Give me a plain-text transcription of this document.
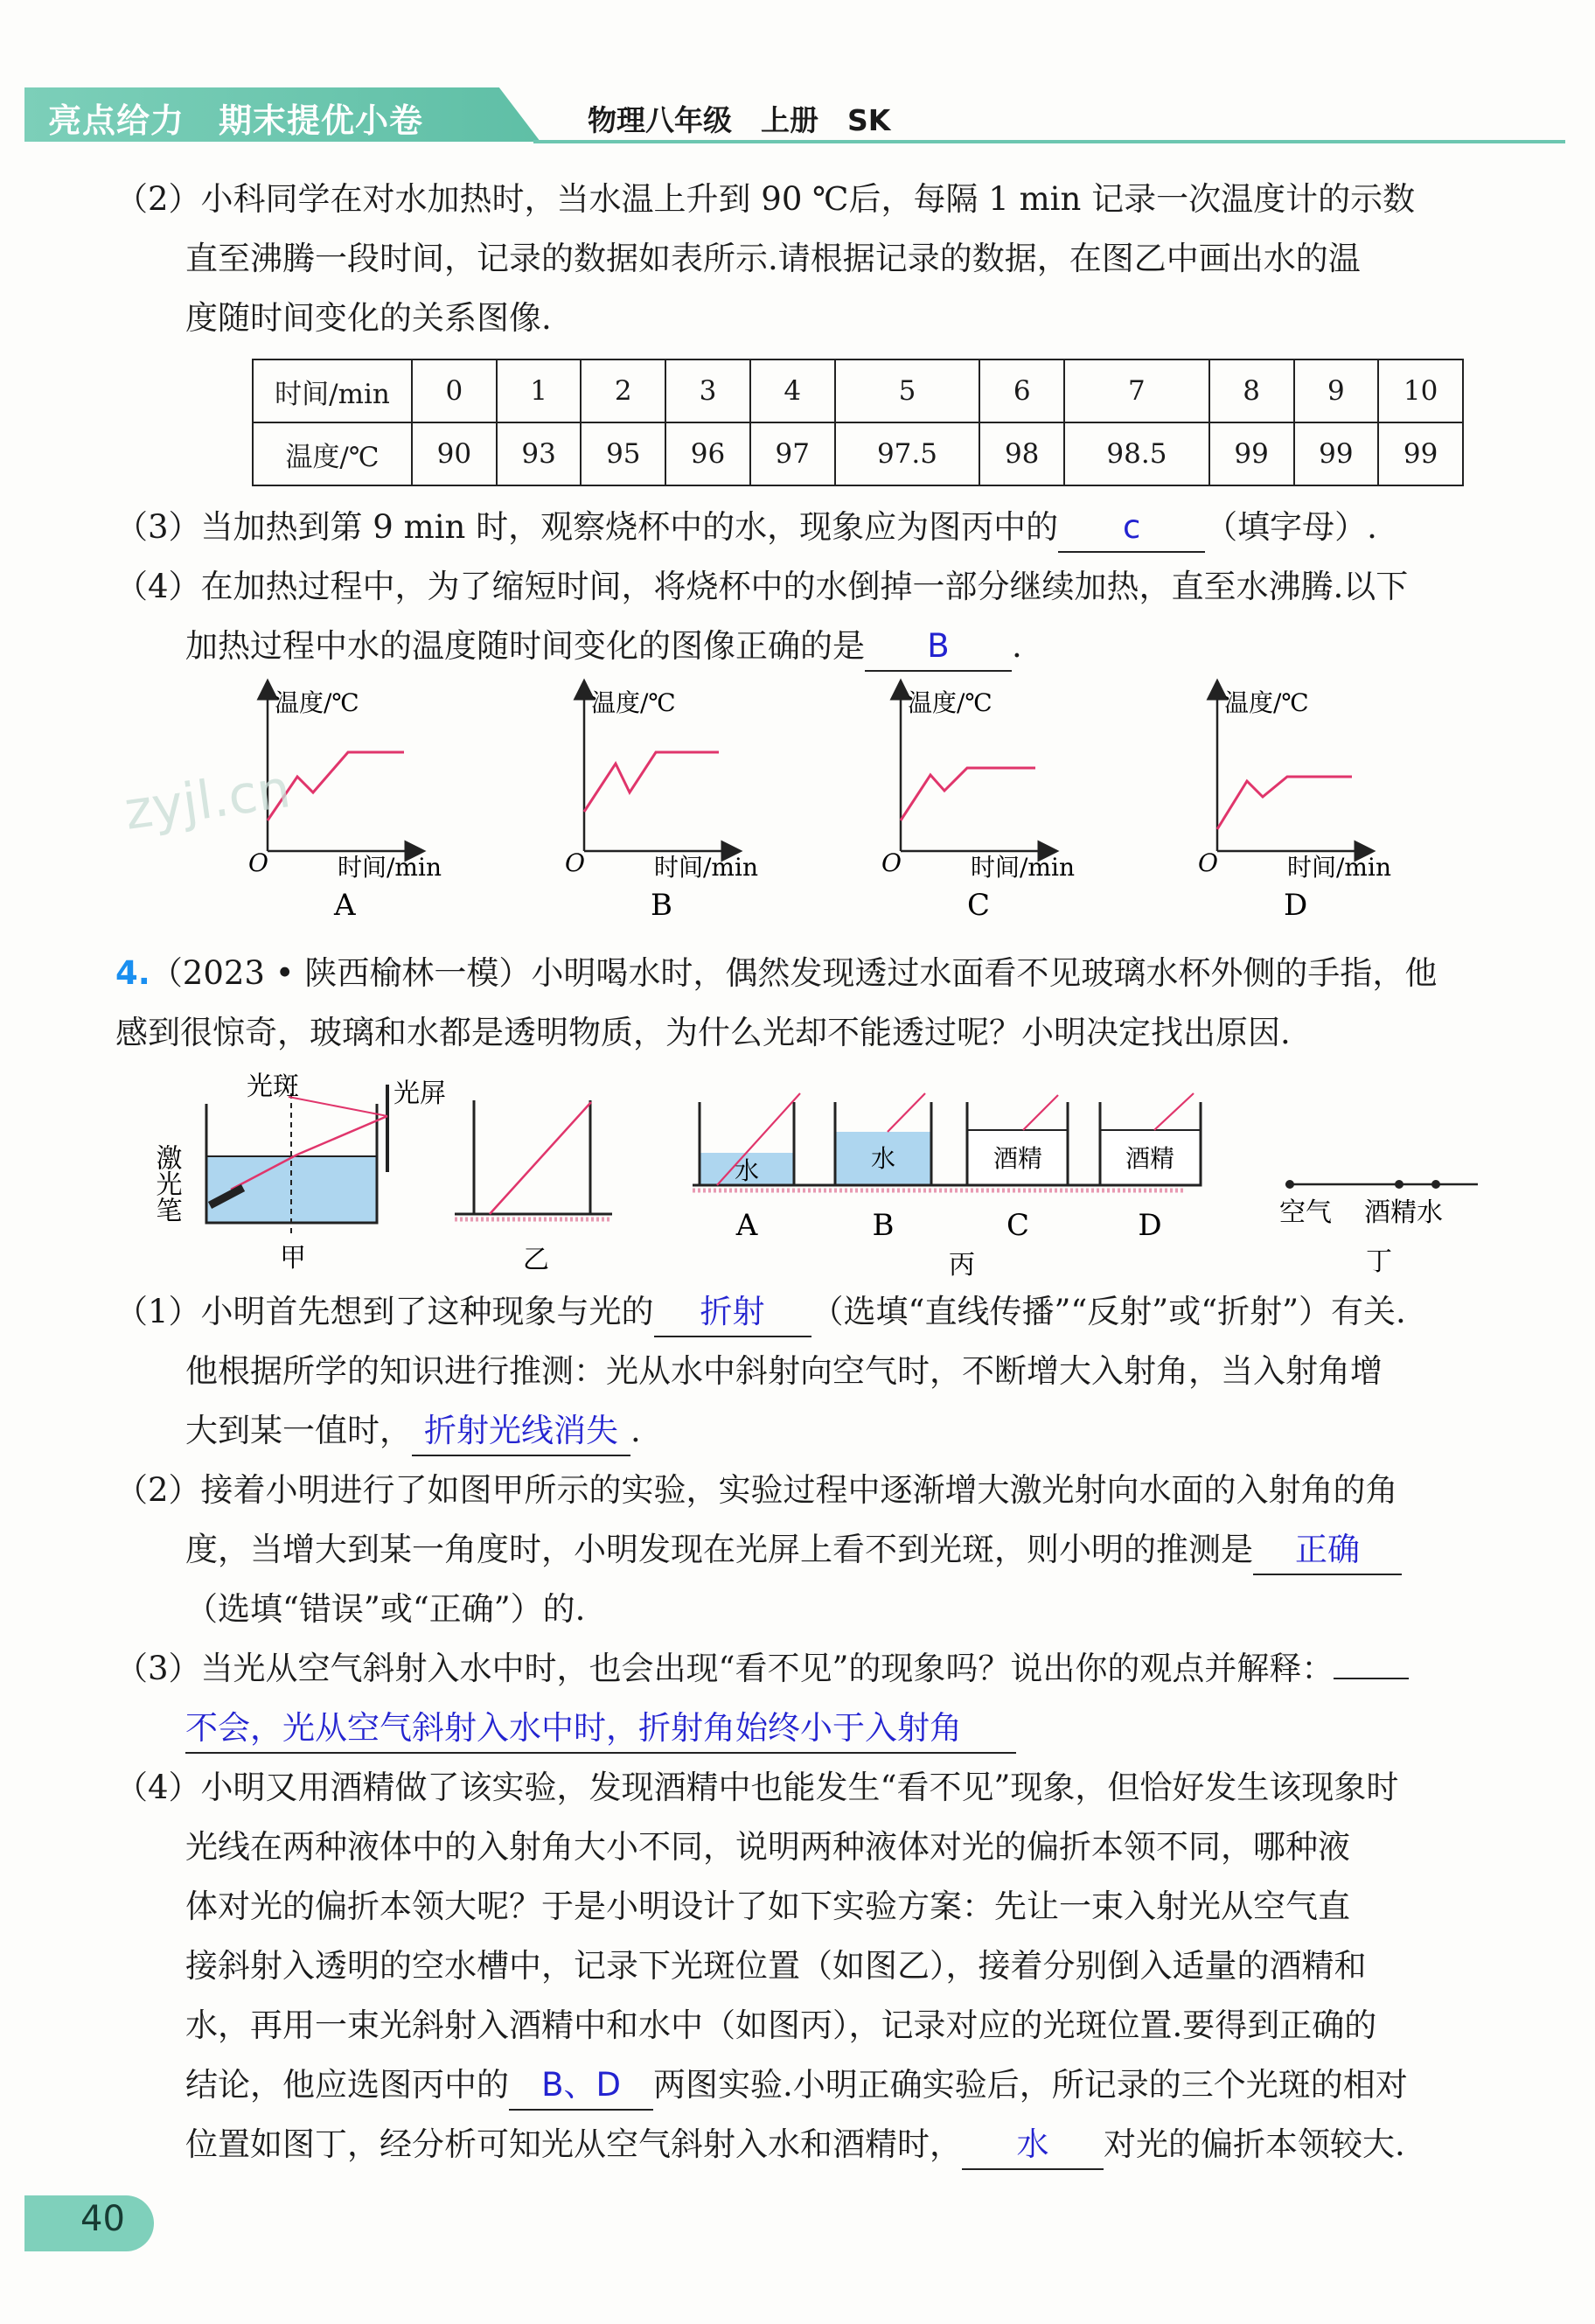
亮点给力　期末提优小卷	物理八年级　上册　SK
（2）小科同学在对水加热时，当水温上升到 90 ℃后，每隔 1 min 记录一次温度计的示数
直至沸腾一段时间，记录的数据如表所示.请根据记录的数据，在图乙中画出水的温
度随时间变化的关系图像.
时间/min	0	1	2	3	4	5	6	7	8	9	10
温度/℃	90	93	95	96	97	97.5	98	98.5	99	99	99
（3）当加热到第 9 min 时，观察烧杯中的水，现象应为图丙中的 c （填字母）.
（4）在加热过程中，为了缩短时间，将烧杯中的水倒掉一部分继续加热，直至水沸腾.以下
加热过程中水的温度随时间变化的图像正确的是 B .
温度/℃
时间/min
O
A
温度/℃
时间/min
O
B
温度/℃
时间/min
O
C
温度/℃
时间/min
O
D
zyjl.cn
4.（2023 • 陕西榆林一模）小明喝水时，偶然发现透过水面看不见玻璃水杯外侧的手指，他
感到很惊奇，玻璃和水都是透明物质，为什么光却不能透过呢？小明决定找出原因.
光斑	光屏
激光笔
甲	乙
水
A
水
B
酒精
C
酒精
D
丙
空气 酒精水
丁
（1）小明首先想到了这种现象与光的 折射 （选填“直线传播”“反射”或“折射”）有关.
他根据所学的知识进行推测：光从水中斜射向空气时，不断增大入射角，当入射角增
大到某一值时， 折射光线消失 .
（2）接着小明进行了如图甲所示的实验，实验过程中逐渐增大激光射向水面的入射角的角
度，当增大到某一角度时，小明发现在光屏上看不到光斑，则小明的推测是 正确
（选填“错误”或“正确”）的.
（3）当光从空气斜射入水中时，也会出现“看不见”的现象吗？说出你的观点并解释：
不会，光从空气斜射入水中时，折射角始终小于入射角
（4）小明又用酒精做了该实验，发现酒精中也能发生“看不见”现象，但恰好发生该现象时
光线在两种液体中的入射角大小不同，说明两种液体对光的偏折本领不同，哪种液
体对光的偏折本领大呢？于是小明设计了如下实验方案：先让一束入射光从空气直
接斜射入透明的空水槽中，记录下光斑位置（如图乙），接着分别倒入适量的酒精和
水，再用一束光斜射入酒精中和水中（如图丙），记录对应的光斑位置.要得到正确的
结论，他应选图丙中的 B、D 两图实验.小明正确实验后，所记录的三个光斑的相对
位置如图丁，经分析可知光从空气斜射入水和酒精时， 水 对光的偏折本领较大.
40
